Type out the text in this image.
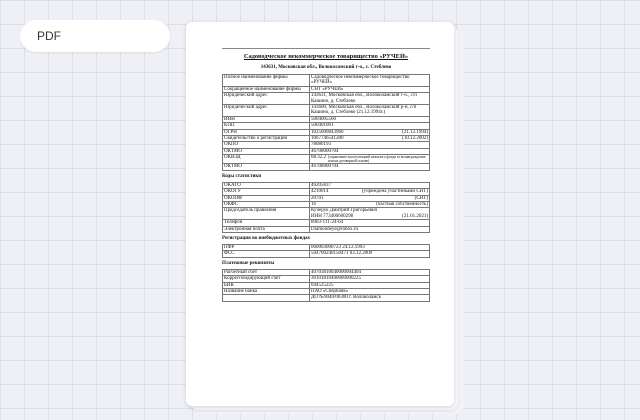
PDF
Садоводческое некоммерческое товарищество «РУЧЕЙ»
143631, Московская обл., Волоколамский г-о., с. Стеблево
Полное наименование фирмы	Садоводческое некоммерческое товарищество «РУЧЕЙ»
Сокращенное наименование фирмы	СНТ «РУЧЕЙ»
Юридический адрес	143631, Московская обл., Волоколамский г-о., с/п Кашино, д. Стеблево
Юридический адрес	143600, Московская обл., Волоколамский р-н, с/п Кашино, д. Стеблево (21.12.1994г.)
ИНН	5004005560
КПП	500401001
ОГРН	1025000843966 (21.12.1994)

Свидетельство о регистрации	1067746541280 (10.12.2002)

ОКПО	78080193
ОКТМО	46708000704
ОКВЭД	68.32.2 (управление эксплуатацией нежилого фонда за вознаграждение или на договорной основе)

ОКТМО	46708000704
Коды статистики
ОКАТО	46205837
ОКОГУ	4210014 (учреждена участниками СНТ)

ОКОПФ	20701 (СНТ)

ОКФС	16 (частная собственность)

Председатель правления	Кучерук Дмитрий Григорьевич
ИНН 773400600298 (21.01.2021)

Телефон	8903-111-24-64
Электронная почта	Diamondeye@inbox.ru
Регистрация во внебюджетных фондах
ПФР	060003000723 24.12.1993
ФСС	504700240150471 03.12.2009
Платежные реквизиты
Расчетный счет	40703810640000004404
Корреспондирующий счет	30101810400000000225
БИК	044525225
Название банка	ПАО «Сбербанк»
	ДО №9040/00300 г. Волоколамск
